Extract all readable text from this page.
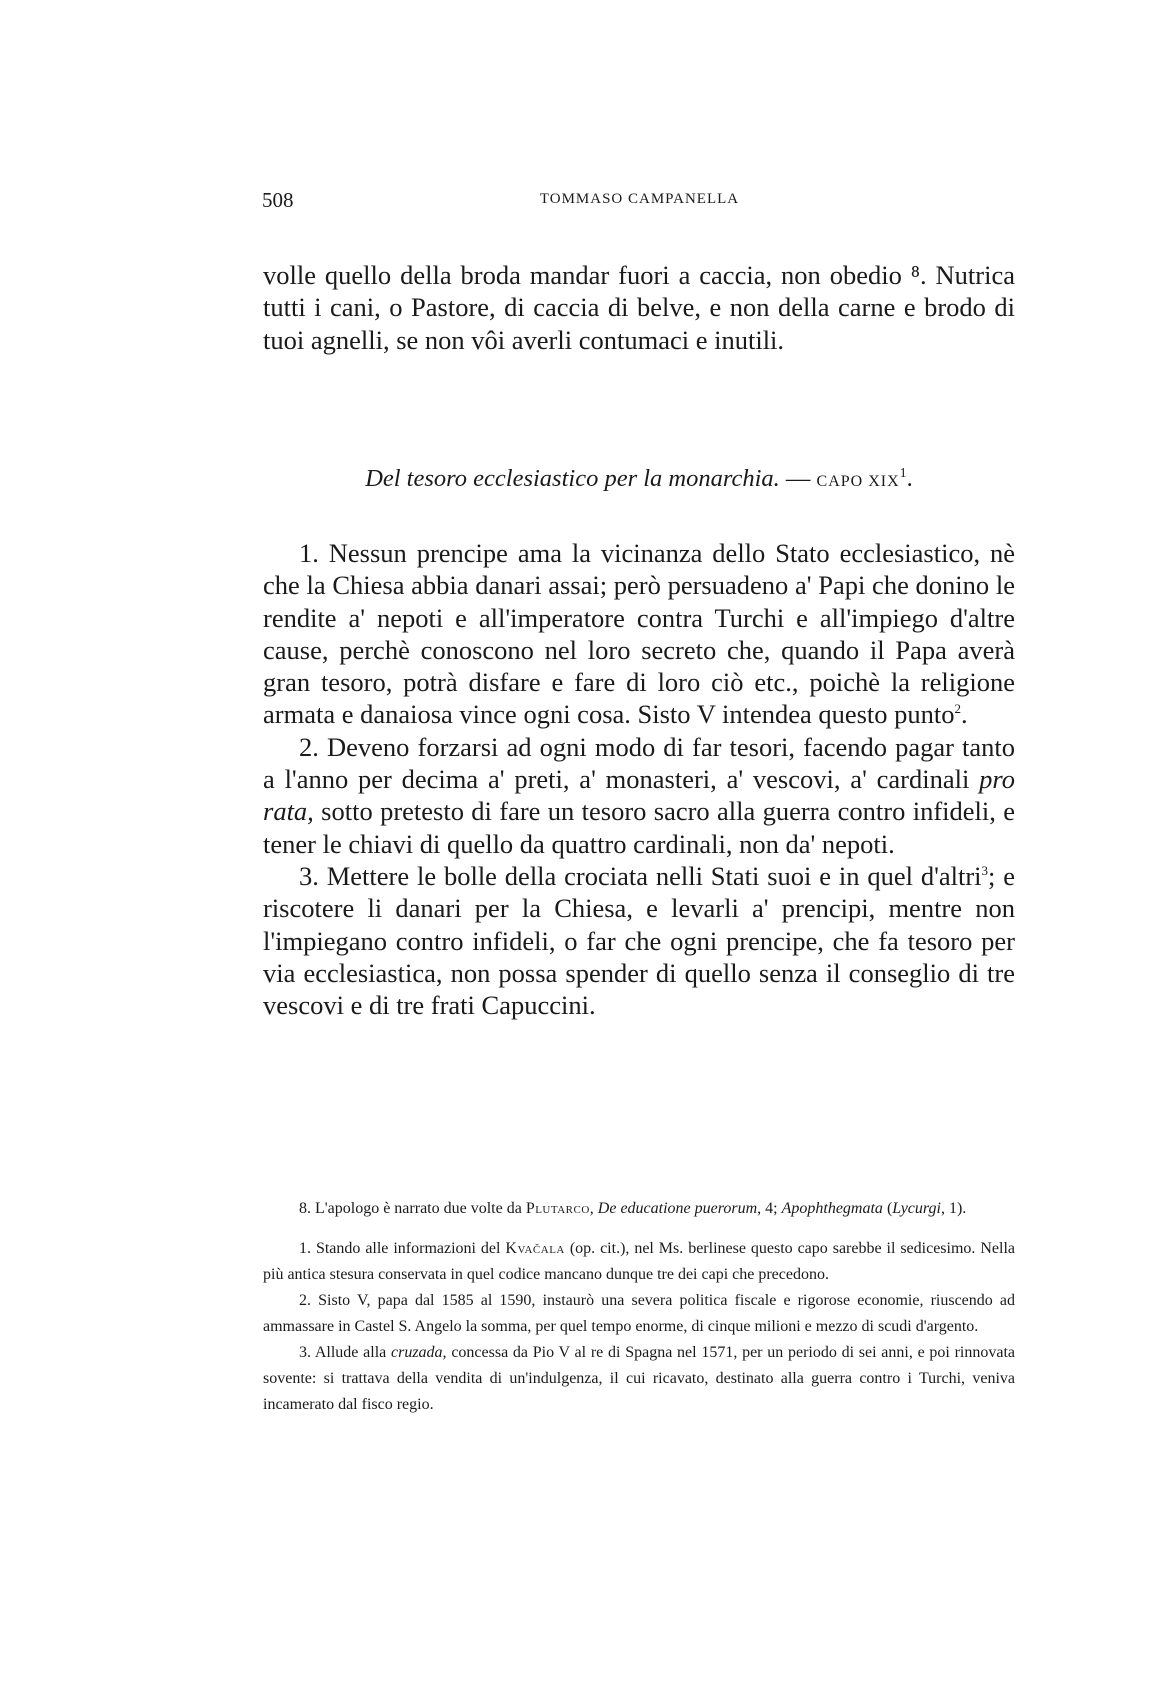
508	TOMMASO CAMPANELLA

volle quello della broda mandar fuori a caccia, non obedio ⁸. Nutrica tutti i cani, o Pastore, di caccia di belve, e non della carne e brodo di tuoi agnelli, se non vôi averli contumaci e inutili.

Del tesoro ecclesiastico per la monarchia. — CAPO XIX$^1$.

1. Nessun prencipe ama la vicinanza dello Stato ecclesiastico, nè che la Chiesa abbia danari assai; però persuadeno a' Papi che donino le rendite a' nepoti e all'imperatore contra Turchi e all'impiego d'altre cause, perchè conoscono nel loro secreto che, quando il Papa averà gran tesoro, potrà disfare e fare di loro ciò etc., poichè la religione armata e danaiosa vince ogni cosa. Sisto V intendea questo punto$^2$.

2. Deveno forzarsi ad ogni modo di far tesori, facendo pagar tanto a l'anno per decima a' preti, a' monasteri, a' vescovi, a' cardinali pro rata, sotto pretesto di fare un tesoro sacro alla guerra contro infideli, e tener le chiavi di quello da quattro cardinali, non da' nepoti.

3. Mettere le bolle della crociata nelli Stati suoi e in quel d'altri$^3$; e riscotere li danari per la Chiesa, e levarli a' prencipi, mentre non l'impiegano contro infideli, o far che ogni prencipe, che fa tesoro per via ecclesiastica, non possa spender di quello senza il conseglio di tre vescovi e di tre frati Capuccini.

8. L'apologo è narrato due volte da Plutarco, De educatione puerorum, 4; Apophthegmata (Lycurgi, 1).

1. Stando alle informazioni del Kvačala (op. cit.), nel Ms. berlinese questo capo sarebbe il sedicesimo. Nella più antica stesura conservata in quel codice mancano dunque tre dei capi che precedono.

2. Sisto V, papa dal 1585 al 1590, instaurò una severa politica fiscale e rigorose economie, riuscendo ad ammassare in Castel S. Angelo la somma, per quel tempo enorme, di cinque milioni e mezzo di scudi d'argento.

3. Allude alla cruzada, concessa da Pio V al re di Spagna nel 1571, per un periodo di sei anni, e poi rinnovata sovente: si trattava della vendita di un'indulgenza, il cui ricavato, destinato alla guerra contro i Turchi, veniva incamerato dal fisco regio.
